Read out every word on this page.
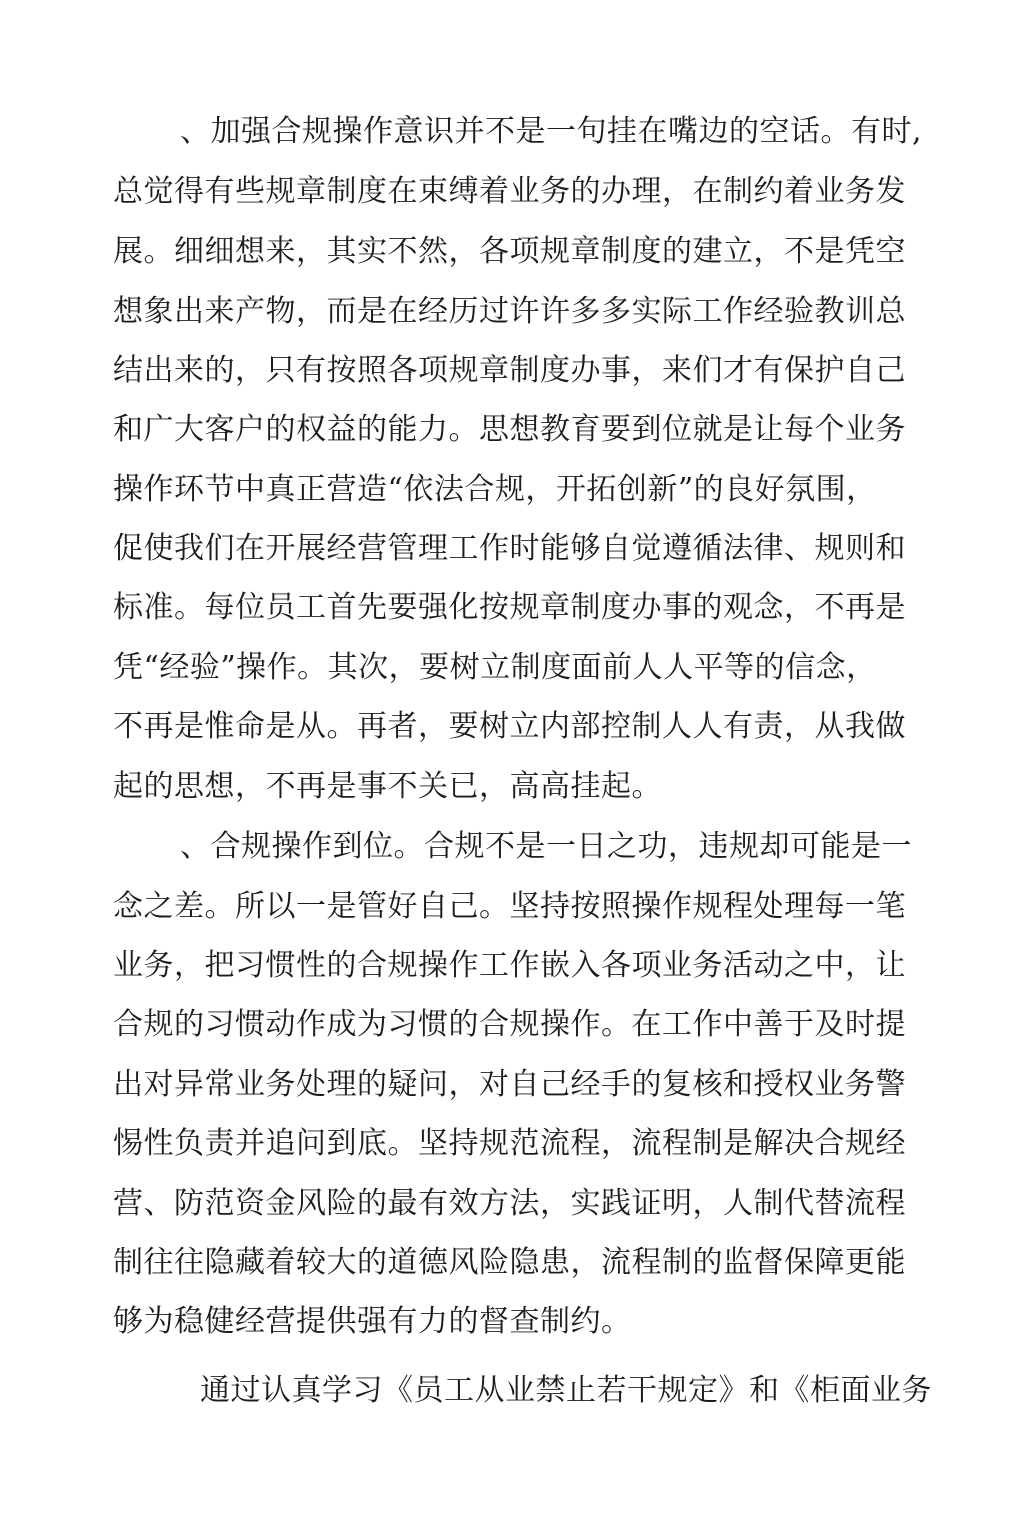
、加强合规操作意识并不是一句挂在嘴边的空话。有时,
总觉得有些规章制度在束缚着业务的办理，在制约着业务发
展。细细想来，其实不然，各项规章制度的建立，不是凭空
想象出来产物，而是在经历过许许多多实际工作经验教训总
结出来的，只有按照各项规章制度办事，来们才有保护自己
和广大客户的权益的能力。思想教育要到位就是让每个业务
操作环节中真正营造“依法合规，开拓创新”的良好氛围，
促使我们在开展经营管理工作时能够自觉遵循法律、规则和
标准。每位员工首先要强化按规章制度办事的观念，不再是
凭“经验”操作。其次，要树立制度面前人人平等的信念，
不再是惟命是从。再者，要树立内部控制人人有责，从我做
起的思想，不再是事不关已，高高挂起。
、合规操作到位。合规不是一日之功，违规却可能是一
念之差。所以一是管好自己。坚持按照操作规程处理每一笔
业务，把习惯性的合规操作工作嵌入各项业务活动之中，让
合规的习惯动作成为习惯的合规操作。在工作中善于及时提
出对异常业务处理的疑问，对自己经手的复核和授权业务警
惕性负责并追问到底。坚持规范流程，流程制是解决合规经
营、防范资金风险的最有效方法，实践证明，人制代替流程
制往往隐藏着较大的道德风险隐患，流程制的监督保障更能
够为稳健经营提供强有力的督查制约。
通过认真学习《员工从业禁止若干规定》和《柜面业务
